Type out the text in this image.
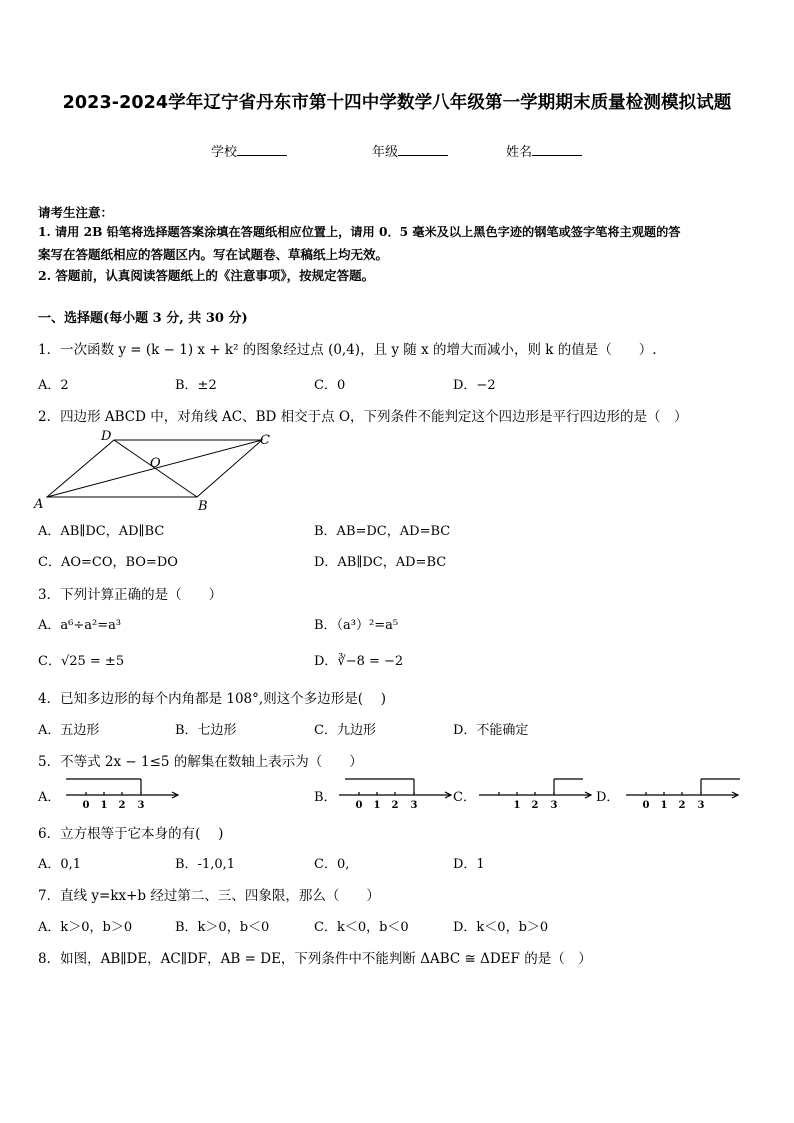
2023-2024学年辽宁省丹东市第十四中学数学八年级第一学期期末质量检测模拟试题
学校	年级	姓名
请考生注意：
1. 请用 2B 铅笔将选择题答案涂填在答题纸相应位置上，请用 0．5 毫米及以上黑色字迹的钢笔或签字笔将主观题的答
案写在答题纸相应的答题区内。写在试题卷、草稿纸上均无效。
2. 答题前，认真阅读答题纸上的《注意事项》，按规定答题。
一、选择题(每小题 3 分, 共 30 分)
1．一次函数 y = (k − 1) x + k² 的图象经过点 (0,4)，且 y 随 x 的增大而减小，则 k 的值是（　　）.
A．2	B．±2	C．0	D．−2
2．四边形 ABCD 中，对角线 AC、BD 相交于点 O，下列条件不能判定这个四边形是平行四边形的是（　）
A	B
C
D
O
A．AB∥DC，AD∥BC	B．AB=DC，AD=BC
C．AO=CO，BO=DO	D．AB∥DC，AD=BC
3．下列计算正确的是（　　）
A．a⁶÷a²=a³	B．（a³）²=a⁵
C．√25 = ±5	D．∛−8 = −2
4．已知多边形的每个内角都是 108°,则这个多边形是(　 )
A．五边形	B．七边形	C．九边形	D．不能确定
5．不等式 2x − 1≤5 的解集在数轴上表示为（　　）
A．	B．	C．	D．
0 1 2 3	0 1 2 3	1 2 3	0 1 2 3
6．立方根等于它本身的有(　 )
A．0,1	B．-1,0,1	C．0,	D．1
7．直线 y=kx+b 经过第二、三、四象限，那么（　　）
A．k＞0，b＞0	B．k＞0，b＜0	C．k＜0，b＜0	D．k＜0，b＞0
8．如图，AB∥DE，AC∥DF，AB = DE，下列条件中不能判断 ΔABC ≅ ΔDEF 的是（　）
